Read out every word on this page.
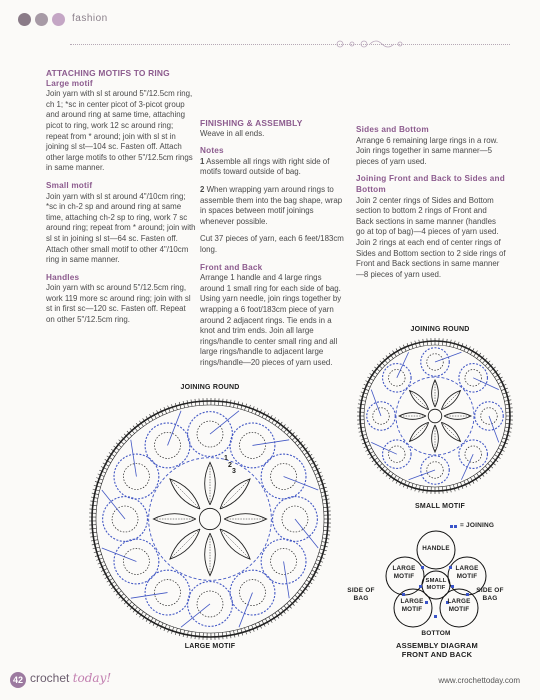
fashion
ATTACHING MOTIFS TO RING
Large motif

Join yarn with sl st around 5"/12.5cm ring, ch 1; *sc in center picot of 3-picot group and around ring at same time, attaching picot to ring, work 12 sc around ring; repeat from * around; join with sl st in joining sl st—104 sc. Fasten off. Attach other large motifs to other 5"/12.5cm rings in same manner.

Small motif

Join yarn with sl st around 4"/10cm ring; *sc in ch-2 sp and around ring at same time, attaching ch-2 sp to ring, work 7 sc around ring; repeat from * around; join with sl st in joining sl st—64 sc. Fasten off. Attach other small motif to other 4"/10cm ring in same manner.

Handles

Join yarn with sc around 5"/12.5cm ring, work 119 more sc around ring; join with sl st in first sc—120 sc. Fasten off. Repeat on other 5"/12.5cm ring.

FINISHING & ASSEMBLY

Weave in all ends.

Notes

1 Assemble all rings with right side of motifs toward outside of bag.

2 When wrapping yarn around rings to assemble them into the bag shape, wrap in spaces between motif joinings whenever possible.

Cut 37 pieces of yarn, each 6 feet/183cm long.

Front and Back

Arrange 1 handle and 4 large rings around 1 small ring for each side of bag. Using yarn needle, join rings together by wrapping a 6 foot/183cm piece of yarn around 2 adjacent rings. Tie ends in a knot and trim ends. Join all large rings/handle to center small ring and all large rings/handle to adjacent large rings/handle—20 pieces of yarn used.

Sides and Bottom

Arrange 6 remaining large rings in a row. Join rings together in same manner—5 pieces of yarn used.

Joining Front and Back to Sides and Bottom

Join 2 center rings of Sides and Bottom section to bottom 2 rings of Front and Back sections in same manner (handles go at top of bag)—4 pieces of yarn used. Join 2 rings at each end of center rings of Sides and Bottom section to 2 side rings of Front and Back sections in same manner—8 pieces of yarn used.

JOINING ROUND
LARGE MOTIF
1
2
3
JOINING ROUND
SMALL MOTIF
= JOINING
HANDLE
LARGE MOTIF
LARGE MOTIF
SMALL MOTIF
LARGE MOTIF
LARGE MOTIF
SIDE OF BAG
SIDE OF BAG
BOTTOM
ASSEMBLY DIAGRAM FRONT AND BACK
42 crochet today!	www.crochettoday.com
